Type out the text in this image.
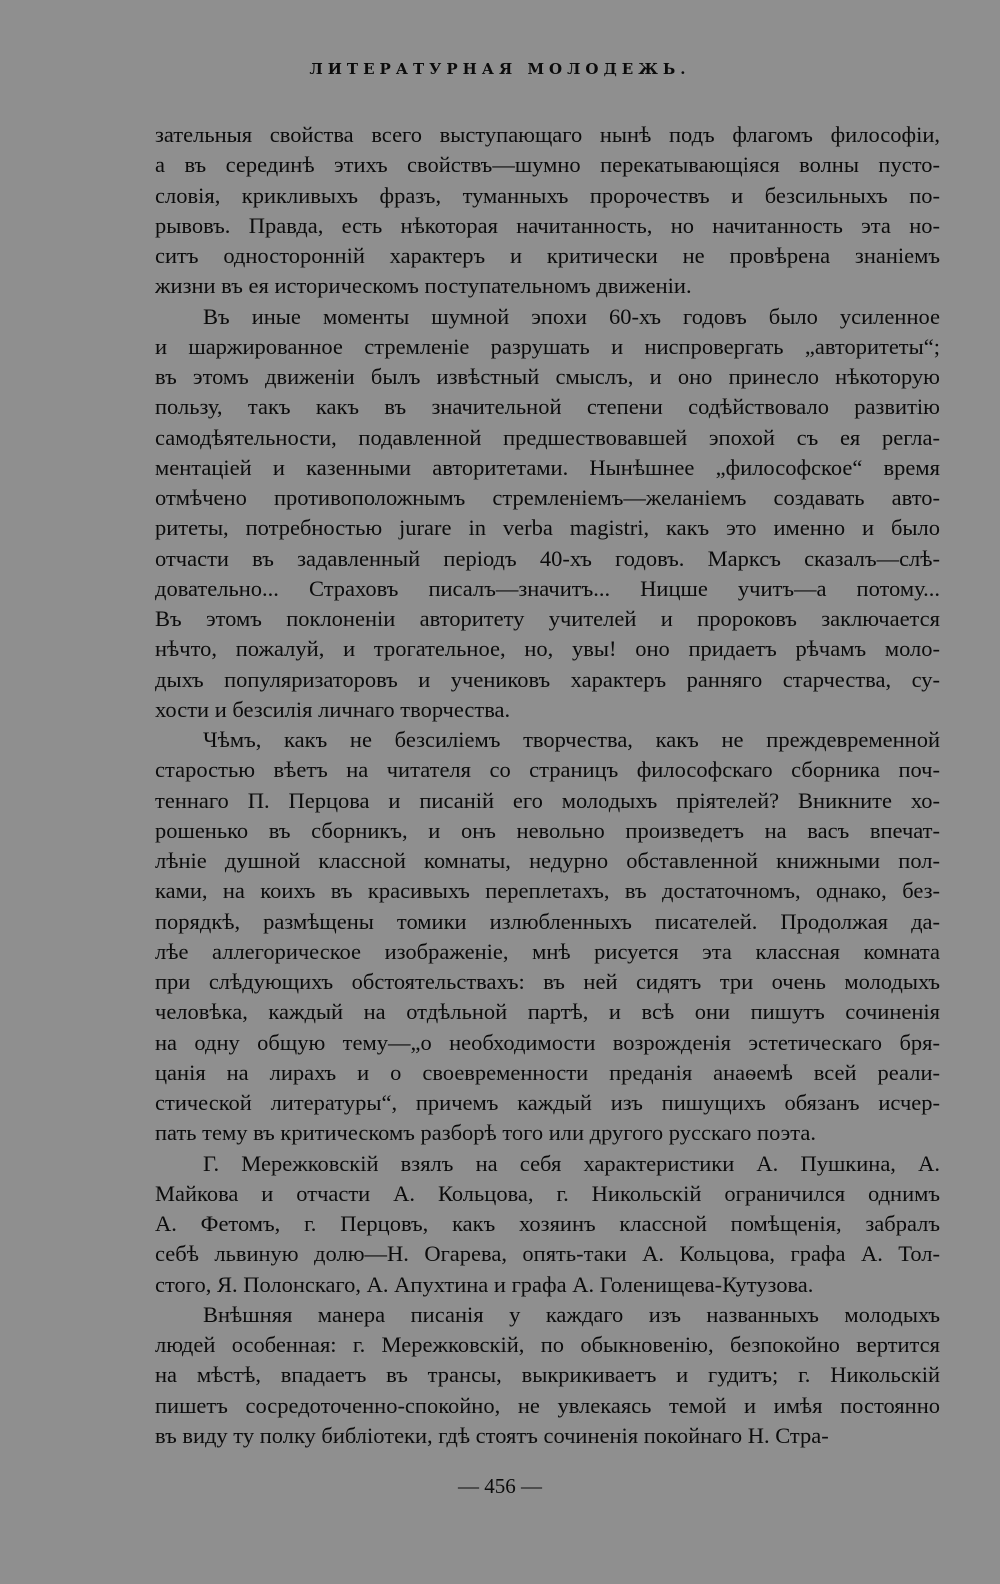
ЛИТЕРАТУРНАЯ МОЛОДЕЖЬ.
зательныя свойства всего выступающаго нынѣ подъ флагомъ философіи,
а въ серединѣ этихъ свойствъ—шумно перекатывающіяся волны пусто-
словія, крикливыхъ фразъ, туманныхъ пророчествъ и безсильныхъ по-
рывовъ. Правда, есть нѣкоторая начитанность, но начитанность эта но-
ситъ односторонній характеръ и критически не провѣрена знаніемъ
жизни въ ея историческомъ поступательномъ движеніи.
Въ иные моменты шумной эпохи 60-хъ годовъ было усиленное
и шаржированное стремленіе разрушать и ниспровергать „авторитеты“;
въ этомъ движеніи былъ извѣстный смыслъ, и оно принесло нѣкоторую
пользу, такъ какъ въ значительной степени содѣйствовало развитію
самодѣятельности, подавленной предшествовавшей эпохой съ ея регла-
ментаціей и казенными авторитетами. Нынѣшнее „философское“ время
отмѣчено противоположнымъ стремленіемъ—желаніемъ создавать авто-
ритеты, потребностью jurare in verba magistri, какъ это именно и было
отчасти въ задавленный періодъ 40-хъ годовъ. Марксъ сказалъ—слѣ-
довательно... Страховъ писалъ—значитъ... Ницше учитъ—а потому...
Въ этомъ поклоненіи авторитету учителей и пророковъ заключается
нѣчто, пожалуй, и трогательное, но, увы! оно придаетъ рѣчамъ моло-
дыхъ популяризаторовъ и учениковъ характеръ ранняго старчества, су-
хости и безсилія личнаго творчества.
Чѣмъ, какъ не безсиліемъ творчества, какъ не преждевременной
старостью вѣетъ на читателя со страницъ философскаго сборника поч-
теннаго П. Перцова и писаній его молодыхъ пріятелей? Вникните хо-
рошенько въ сборникъ, и онъ невольно произведетъ на васъ впечат-
лѣніе душной классной комнаты, недурно обставленной книжными пол-
ками, на коихъ въ красивыхъ переплетахъ, въ достаточномъ, однако, без-
порядкѣ, размѣщены томики излюбленныхъ писателей. Продолжая да-
лѣе аллегорическое изображеніе, мнѣ рисуется эта классная комната
при слѣдующихъ обстоятельствахъ: въ ней сидятъ три очень молодыхъ
человѣка, каждый на отдѣльной партѣ, и всѣ они пишутъ сочиненія
на одну общую тему—„о необходимости возрожденія эстетическаго бря-
цанія на лирахъ и о своевременности преданія анаѳемѣ всей реали-
стической литературы“, причемъ каждый изъ пишущихъ обязанъ исчер-
пать тему въ критическомъ разборѣ того или другого русскаго поэта.
Г. Мережковскій взялъ на себя характеристики А. Пушкина, А.
Майкова и отчасти А. Кольцова, г. Никольскій ограничился однимъ
А. Фетомъ, г. Перцовъ, какъ хозяинъ классной помѣщенія, забралъ
себѣ львиную долю—Н. Огарева, опять-таки А. Кольцова, графа А. Тол-
стого, Я. Полонскаго, А. Апухтина и графа А. Голенищева-Кутузова.
Внѣшняя манера писанія у каждаго изъ названныхъ молодыхъ
людей особенная: г. Мережковскій, по обыкновенію, безпокойно вертится
на мѣстѣ, впадаетъ въ трансы, выкрикиваетъ и гудитъ; г. Никольскій
пишетъ сосредоточенно-спокойно, не увлекаясь темой и имѣя постоянно
въ виду ту полку библіотеки, гдѣ стоятъ сочиненія покойнаго Н. Стра-
— 456 —
